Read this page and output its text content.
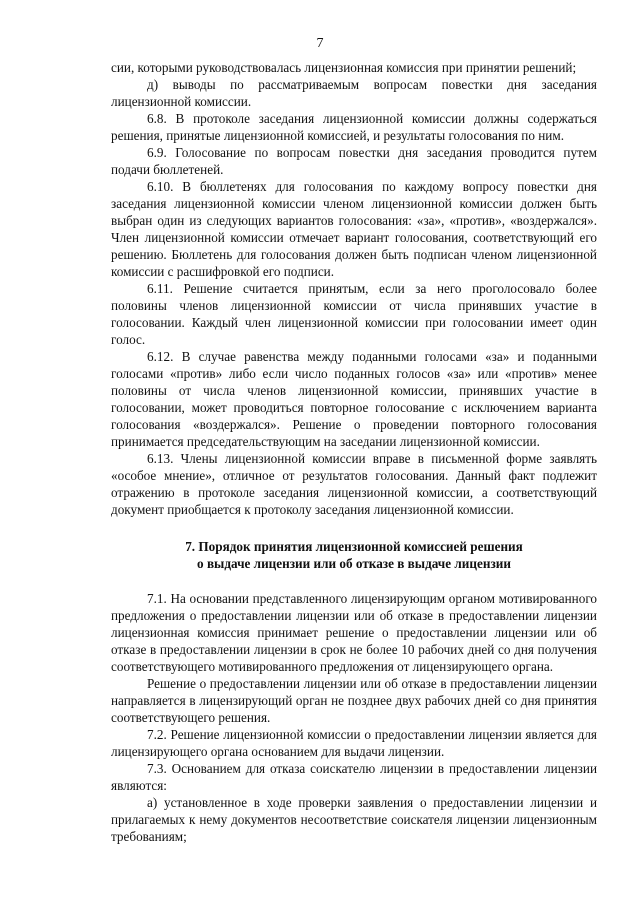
7

сии, которыми руководствовалась лицензионная комиссия при принятии решений;

д) выводы по рассматриваемым вопросам повестки дня заседания лицензионной комиссии.

6.8. В протоколе заседания лицензионной комиссии должны содержаться решения, принятые лицензионной комиссией, и результаты голосования по ним.

6.9. Голосование по вопросам повестки дня заседания проводится путем подачи бюллетеней.

6.10. В бюллетенях для голосования по каждому вопросу повестки дня заседания лицензионной комиссии членом лицензионной комиссии должен быть выбран один из следующих вариантов голосования: «за», «против», «воздержался». Член лицензионной комиссии отмечает вариант голосования, соответствующий его решению. Бюллетень для голосования должен быть подписан членом лицензионной комиссии с расшифровкой его подписи.

6.11. Решение считается принятым, если за него проголосовало более половины членов лицензионной комиссии от числа принявших участие в голосовании. Каждый член лицензионной комиссии при голосовании имеет один голос.

6.12. В случае равенства между поданными голосами «за» и поданными голосами «против» либо если число поданных голосов «за» или «против» менее половины от числа членов лицензионной комиссии, принявших участие в голосовании, может проводиться повторное голосование с исключением варианта голосования «воздержался». Решение о проведении повторного голосования принимается председательствующим на заседании лицензионной комиссии.

6.13. Члены лицензионной комиссии вправе в письменной форме заявлять «особое мнение», отличное от результатов голосования. Данный факт подлежит отражению в протоколе заседания лицензионной комиссии, а соответствующий документ приобщается к протоколу заседания лицензионной комиссии.

7. Порядок принятия лицензионной комиссией решения
о выдаче лицензии или об отказе в выдаче лицензии

7.1. На основании представленного лицензирующим органом мотивированного предложения о предоставлении лицензии или об отказе в предоставлении лицензии лицензионная комиссия принимает решение о предоставлении лицензии или об отказе в предоставлении лицензии в срок не более 10 рабочих дней со дня получения соответствующего мотивированного предложения от лицензирующего органа.

Решение о предоставлении лицензии или об отказе в предоставлении лицензии направляется в лицензирующий орган не позднее двух рабочих дней со дня принятия соответствующего решения.

7.2. Решение лицензионной комиссии о предоставлении лицензии является для лицензирующего органа основанием для выдачи лицензии.

7.3. Основанием для отказа соискателю лицензии в предоставлении лицензии являются:

а) установленное в ходе проверки заявления о предоставлении лицензии и прилагаемых к нему документов несоответствие соискателя лицензии лицензионным требованиям;
